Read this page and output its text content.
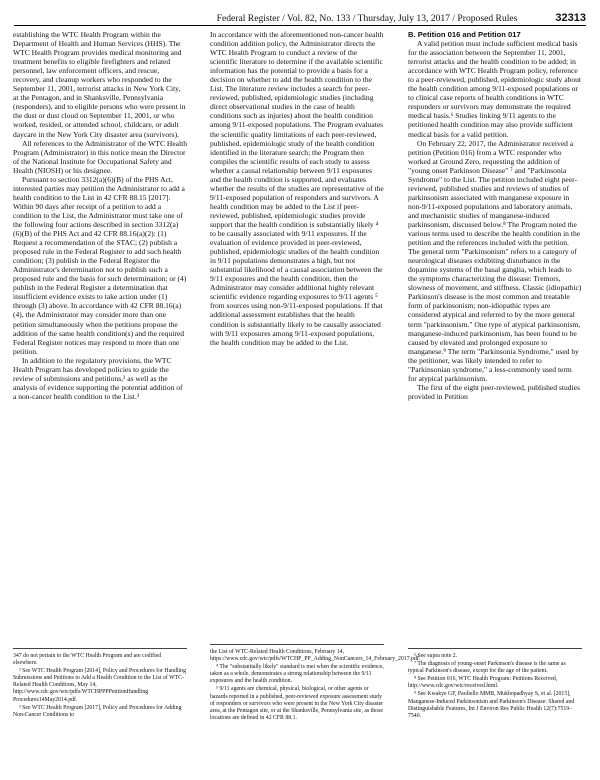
Federal Register / Vol. 82, No. 133 / Thursday, July 13, 2017 / Proposed Rules	32313

establishing the WTC Health Program within the Department of Health and Human Services (HHS). The WTC Health Program provides medical monitoring and treatment benefits to eligible firefighters and related personnel, law enforcement officers, and rescue, recovery, and cleanup workers who responded to the September 11, 2001, terrorist attacks in New York City, at the Pentagon, and in Shanksville, Pennsylvania (responders), and to eligible persons who were present in the dust or dust cloud on September 11, 2001, or who worked, resided, or attended school, childcare, or adult daycare in the New York City disaster area (survivors).

All references to the Administrator of the WTC Health Program (Administrator) in this notice mean the Director of the National Institute for Occupational Safety and Health (NIOSH) or his designee.

Pursuant to section 3312(a)(6)(B) of the PHS Act, interested parties may petition the Administrator to add a health condition to the List in 42 CFR 88.15 [2017]. Within 90 days after receipt of a petition to add a condition to the List, the Administrator must take one of the following four actions described in section 3312(a)(6)(B) of the PHS Act and 42 CFR 88.16(a)(2): (1) Request a recommendation of the STAC; (2) publish a proposed rule in the Federal Register to add such health condition; (3) publish in the Federal Register the Administrator's determination not to publish such a proposed rule and the basis for such determination; or (4) publish in the Federal Register a determination that insufficient evidence exists to take action under (1) through (3) above. In accordance with 42 CFR 88.16(a)(4), the Administrator may consider more than one petition simultaneously when the petitions propose the addition of the same health condition(s) and the required Federal Register notices may respond to more than one petition.

In addition to the regulatory provisions, the WTC Health Program has developed policies to guide the review of submissions and petitions,² as well as the analysis of evidence supporting the potential addition of a non-cancer health condition to the List.³

In accordance with the aforementioned non-cancer health condition addition policy, the Administrator directs the WTC Health Program to conduct a review of the scientific literature to determine if the available scientific information has the potential to provide a basis for a decision on whether to add the health condition to the List. The literature review includes a search for peer-reviewed, published, epidemiologic studies (including direct observational studies in the case of health conditions such as injuries) about the health condition among 9/11-exposed populations. The Program evaluates the scientific quality limitations of each peer-reviewed, published, epidemiologic study of the health condition identified in the literature search; the Program then compiles the scientific results of each study to assess whether a causal relationship between 9/11 exposures and the health condition is supported, and evaluates whether the results of the studies are representative of the 9/11-exposed population of responders and survivors. A health condition may be added to the List if peer-reviewed, published, epidemiologic studies provide support that the health condition is substantially likely ⁴ to be causally associated with 9/11 exposures. If the evaluation of evidence provided in peer-reviewed, published, epidemiologic studies of the health condition in 9/11 populations demonstrates a high, but not substantial likelihood of a causal association between the 9/11 exposures and the health condition, then the Administrator may consider additional highly relevant scientific evidence regarding exposures to 9/11 agents ⁵ from sources using non-9/11-exposed populations. If that additional assessment establishes that the health condition is substantially likely to be causally associated with 9/11 exposures among 9/11-exposed populations, the health condition may be added to the List.

B. Petition 016 and Petition 017

A valid petition must include sufficient medical basis for the association between the September 11, 2001, terrorist attacks and the health condition to be added; in accordance with WTC Health Program policy, reference to a peer-reviewed, published, epidemiologic study about the health condition among 9/11-exposed populations or to clinical case reports of health conditions in WTC responders or survivors may demonstrate the required medical basis.⁶ Studies linking 9/11 agents to the petitioned health condition may also provide sufficient medical basis for a valid petition.

On February 22, 2017, the Administrator received a petition (Petition 016) from a WTC responder who worked at Ground Zero, requesting the addition of "young onset Parkinson Disease" ⁷ and "Parkinsonia Syndrome" to the List. The petition included eight peer-reviewed, published studies and reviews of studies of parkinsonism associated with manganese exposure in non-9/11-exposed populations and laboratory animals, and mechanistic studies of manganese-induced parkinsonism, discussed below.⁸ The Program noted the various terms used to describe the health condition in the petition and the references included with the petition. The general term "Parkinsonism" refers to a category of neurological diseases exhibiting disturbance in the dopamine systems of the basal ganglia, which leads to the symptoms characterizing the disease: Tremors, slowness of movement, and stiffness. Classic (idiopathic) Parkinson's disease is the most common and treatable form of parkinsonism; non-idiopathic types are considered atypical and referred to by the more general term "parkinsonism." One type of atypical parkinsonism, manganese-induced parkinsonism, has been found to be caused by elevated and prolonged exposure to manganese.⁹ The term "Parkinsonia Syndrome," used by the petitioner, was likely intended to refer to "Parkinsonian syndrome," a less-commonly used term for atypical parkinsonism.

The first of the eight peer-reviewed, published studies provided in Petition

347 do not pertain to the WTC Health Program and are codified elsewhere.

² See WTC Health Program [2014], Policy and Procedures for Handling Submissions and Petitions to Add a Health Condition to the List of WTC-Related Health Conditions, May 14, http://www.cdc.gov/wtc/pdfs/WTCHPPPPetitionHandling Procedures14May2014.pdf.

³ See WTC Health Program [2017], Policy and Procedures for Adding Non-Cancer Conditions to

the List of WTC-Related Health Conditions, February 14, https://www.cdc.gov/wtc/pdfs/WTCHP_PP_Adding_NonCancers_14_February_2017.pdf.

⁴ The "substantially likely" standard is met when the scientific evidence, taken as a whole, demonstrates a strong relationship between the 9/11 exposures and the health condition.

⁵ 9/11 agents are chemical, physical, biological, or other agents or hazards reported in a published, peer-reviewed exposure assessment study of responders or survivors who were present in the New York City disaster area, at the Pentagon site, or at the Shanksville, Pennsylvania site, as those locations are defined in 42 CFR 88.1.

⁶ See supra note 2.

⁷ The diagnosis of young-onset Parkinson's disease is the same as typical Parkinson's disease, except for the age of the patient.

⁸ See Petition 016, WTC Health Program: Petitions Received, http://www.cdc.gov/wtc/received.html.

⁹ See Kwakye GF, Paoliello MMB, Mukhopadhyay S, et al. [2015], Manganese-Induced Parkinsonism and Parkinson's Disease: Shared and Distinguishable Features, Int J Environ Res Public Health 12(7):7519–7540.
